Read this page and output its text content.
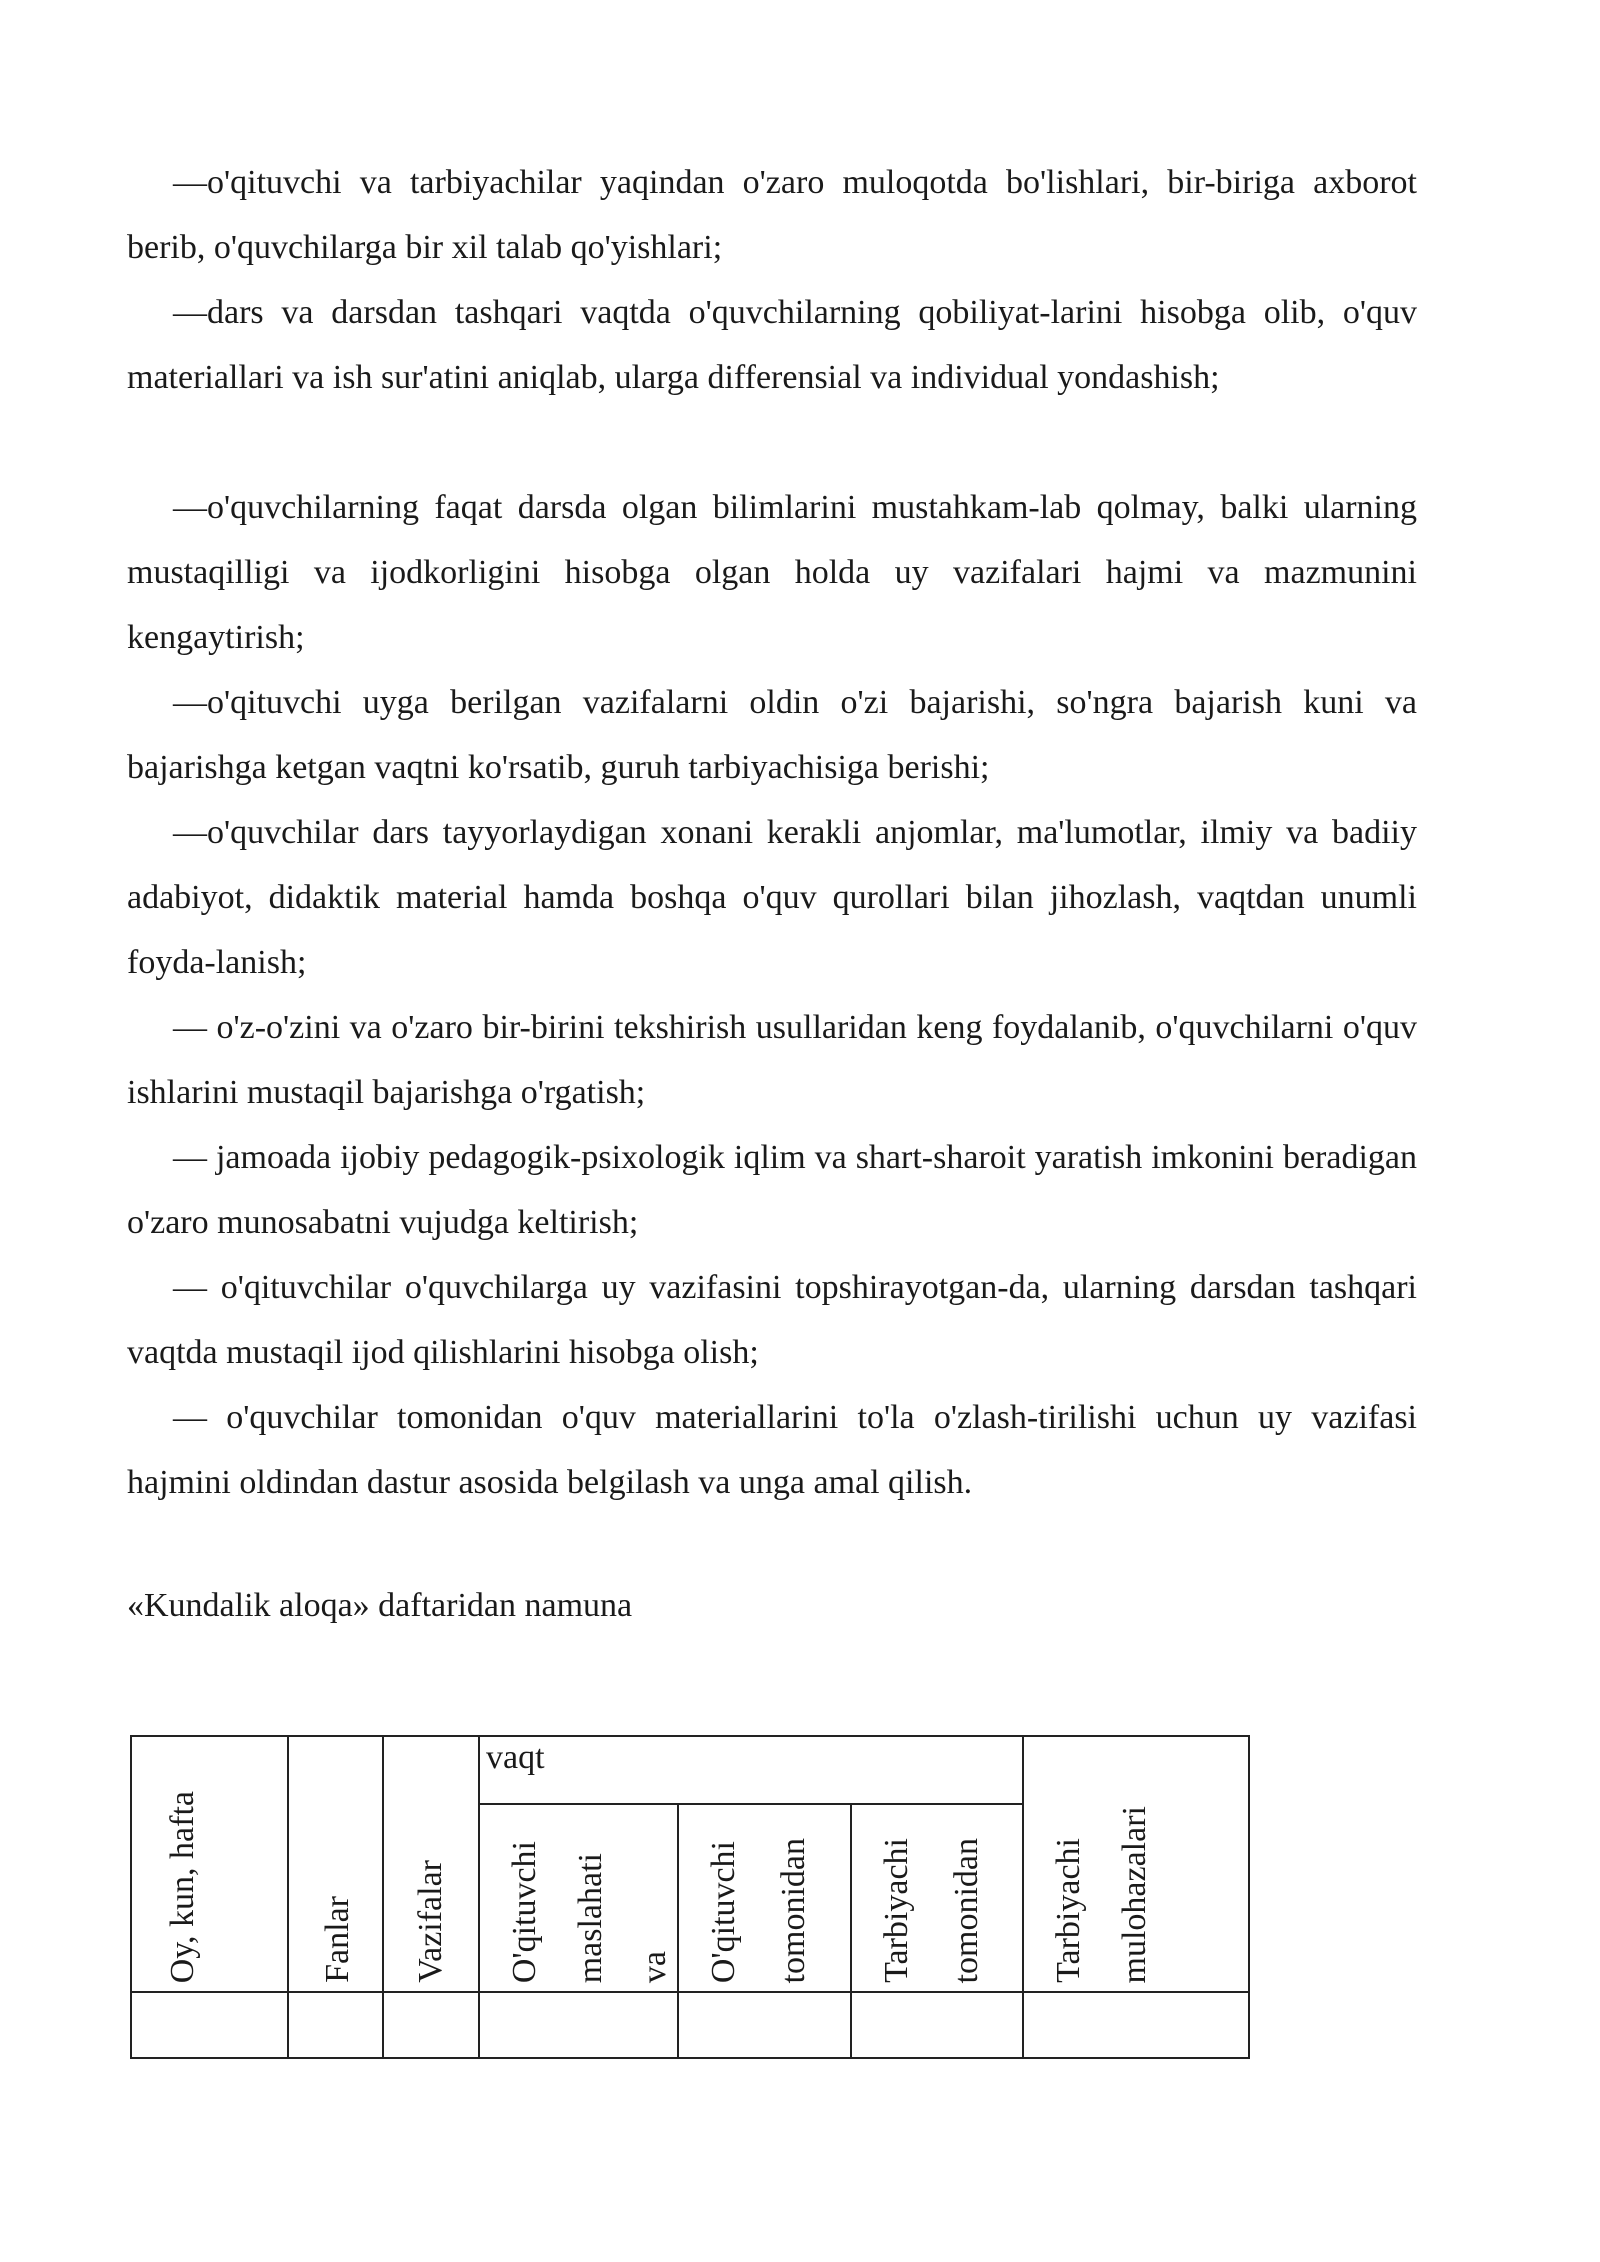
—o'qituvchi va tarbiyachilar yaqindan o'zaro muloqotda bo'lishlari, bir-biriga axborot berib, o'quvchilarga bir xil talab qo'yishlari;

—dars va darsdan tashqari vaqtda o'quvchilarning qobiliyat-larini hisobga olib, o'quv materiallari va ish sur'atini aniqlab, ularga differensial va individual yondashish;

—o'quvchilarning faqat darsda olgan bilimlarini mustahkam-lab qolmay, balki ularning mustaqilligi va ijodkorligini hisobga olgan holda uy vazifalari hajmi va mazmunini kengaytirish;

—o'qituvchi uyga berilgan vazifalarni oldin o'zi bajarishi, so'ngra bajarish kuni va bajarishga ketgan vaqtni ko'rsatib, guruh tarbiyachisiga berishi;

—o'quvchilar dars tayyorlaydigan xonani kerakli anjomlar, ma'lumotlar, ilmiy va badiiy adabiyot, didaktik material hamda boshqa o'quv qurollari bilan jihozlash, vaqtdan unumli foyda-lanish;

— o'z-o'zini va o'zaro bir-birini tekshirish usullaridan keng foydalanib, o'quvchilarni o'quv ishlarini mustaqil bajarishga o'rgatish;

— jamoada ijobiy pedagogik-psixologik iqlim va shart-sharoit yaratish imkonini beradigan o'zaro munosabatni vujudga keltirish;

— o'qituvchilar o'quvchilarga uy vazifasini topshirayotgan-da, ularning darsdan tashqari vaqtda mustaqil ijod qilishlarini hisobga olish;

— o'quvchilar tomonidan o'quv materiallarini to'la o'zlash-tirilishi uchun uy vazifasi hajmini oldindan dastur asosida belgilash va unga amal qilish.

«Kundalik aloqa» daftaridan namuna

Oy, kun, hafta	Fanlar	Vazifalar	vaqt			Tarbiyachi mulohazalari

			O'qituvchi maslahati va	O'qituvchi tomonidan	Tarbiyachi tomonidan	
